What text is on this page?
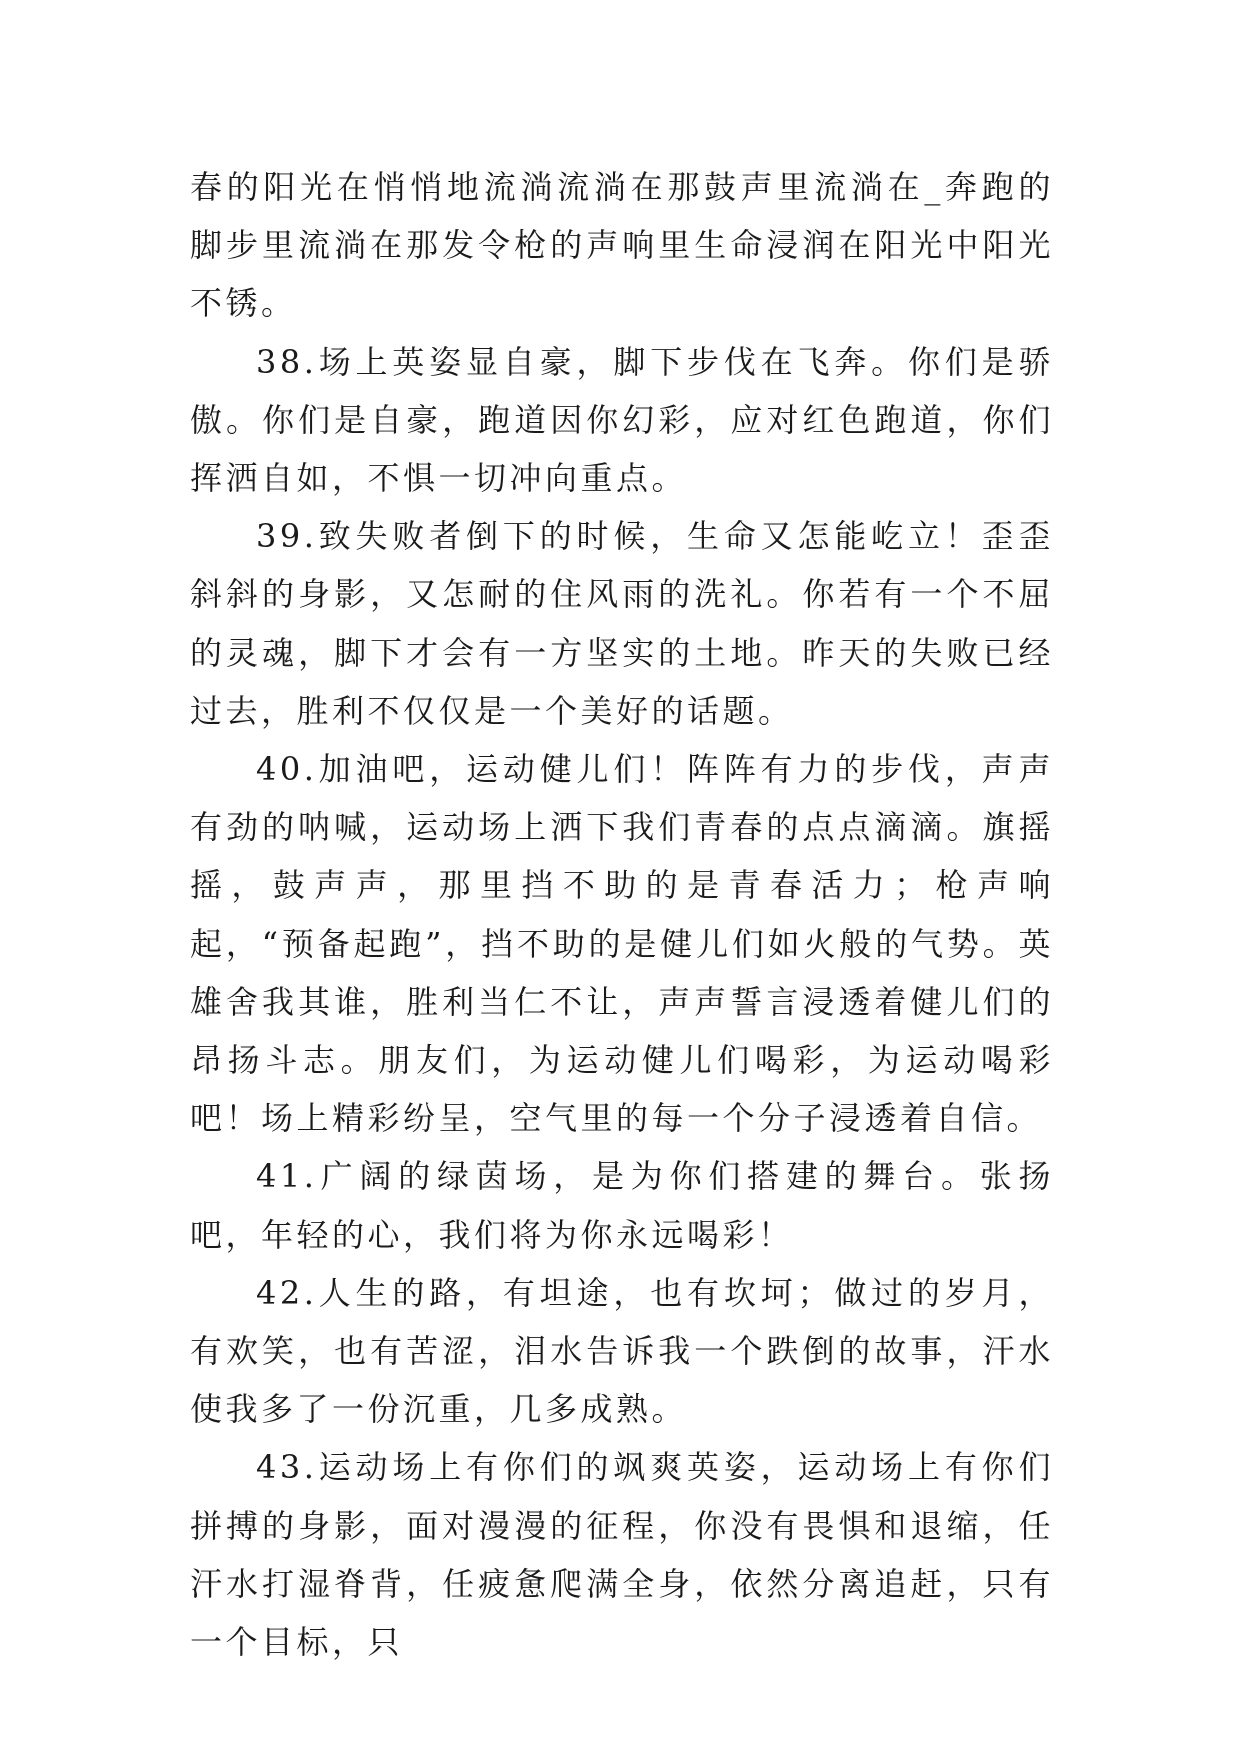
春的阳光在悄悄地流淌流淌在那鼓声里流淌在_奔跑的脚步里流淌在那发令枪的声响里生命浸润在阳光中阳光不锈。

38.场上英姿显自豪，脚下步伐在飞奔。你们是骄傲。你们是自豪，跑道因你幻彩，应对红色跑道，你们挥洒自如，不惧一切冲向重点。

39.致失败者倒下的时候，生命又怎能屹立！歪歪斜斜的身影，又怎耐的住风雨的洗礼。你若有一个不屈的灵魂，脚下才会有一方坚实的土地。昨天的失败已经过去，胜利不仅仅是一个美好的话题。

40.加油吧，运动健儿们！阵阵有力的步伐，声声有劲的呐喊，运动场上洒下我们青春的点点滴滴。旗摇摇，鼓声声，那里挡不助的是青春活力；枪声响起，“预备起跑”，挡不助的是健儿们如火般的气势。英雄舍我其谁，胜利当仁不让，声声誓言浸透着健儿们的昂扬斗志。朋友们，为运动健儿们喝彩，为运动喝彩吧！场上精彩纷呈，空气里的每一个分子浸透着自信。

41.广阔的绿茵场，是为你们搭建的舞台。张扬吧，年轻的心，我们将为你永远喝彩！

42.人生的路，有坦途，也有坎坷；做过的岁月，有欢笑，也有苦涩，泪水告诉我一个跌倒的故事，汗水使我多了一份沉重，几多成熟。

43.运动场上有你们的飒爽英姿，运动场上有你们拼搏的身影，面对漫漫的征程，你没有畏惧和退缩，任汗水打湿脊背，任疲惫爬满全身，依然分离追赶，只有一个目标，只
